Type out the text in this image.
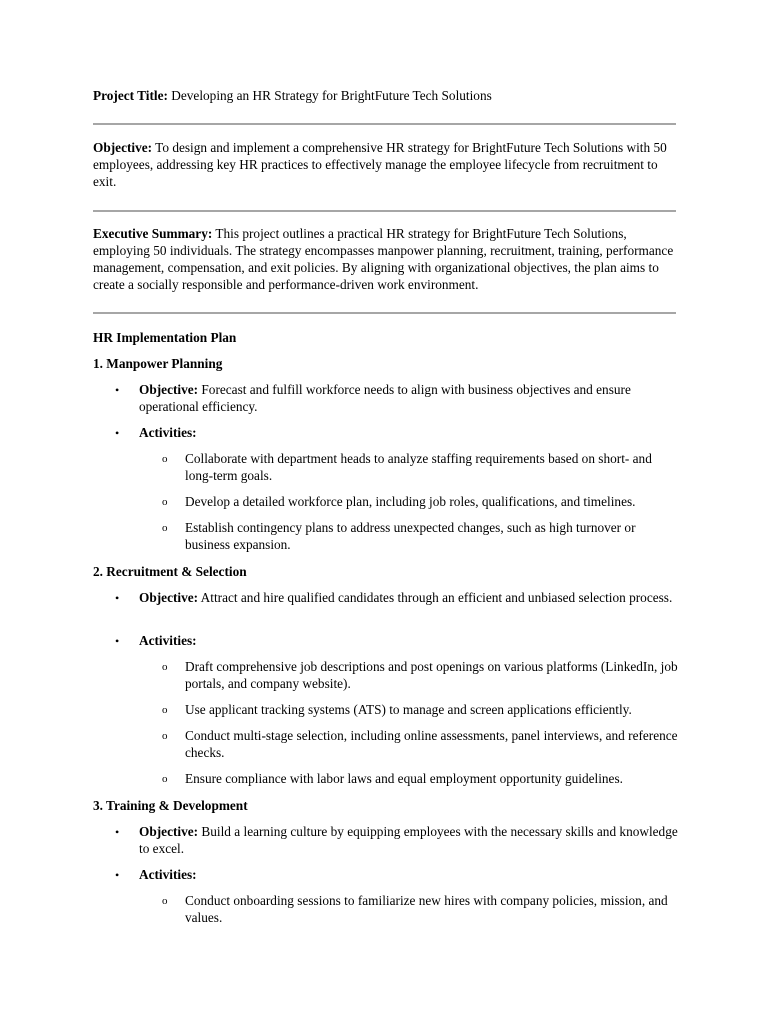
Project Title: Developing an HR Strategy for BrightFuture Tech Solutions

Objective: To design and implement a comprehensive HR strategy for BrightFuture Tech Solutions with 50 employees, addressing key HR practices to effectively manage the employee lifecycle from recruitment to exit.

Executive Summary: This project outlines a practical HR strategy for BrightFuture Tech Solutions, employing 50 individuals. The strategy encompasses manpower planning, recruitment, training, performance management, compensation, and exit policies. By aligning with organizational objectives, the plan aims to create a socially responsible and performance-driven work environment.

HR Implementation Plan

1. Manpower Planning

•	Objective: Forecast and fulfill workforce needs to align with business objectives and ensure operational efficiency.

•	Activities:

o	Collaborate with department heads to analyze staffing requirements based on short- and long-term goals.

o	Develop a detailed workforce plan, including job roles, qualifications, and timelines.

o	Establish contingency plans to address unexpected changes, such as high turnover or business expansion.

2. Recruitment & Selection

•	Objective: Attract and hire qualified candidates through an efficient and unbiased selection process.

•	Activities:

o	Draft comprehensive job descriptions and post openings on various platforms (LinkedIn, job portals, and company website).

o	Use applicant tracking systems (ATS) to manage and screen applications efficiently.

o	Conduct multi-stage selection, including online assessments, panel interviews, and reference checks.

o	Ensure compliance with labor laws and equal employment opportunity guidelines.

3. Training & Development

•	Objective: Build a learning culture by equipping employees with the necessary skills and knowledge to excel.

•	Activities:

o	Conduct onboarding sessions to familiarize new hires with company policies, mission, and values.
